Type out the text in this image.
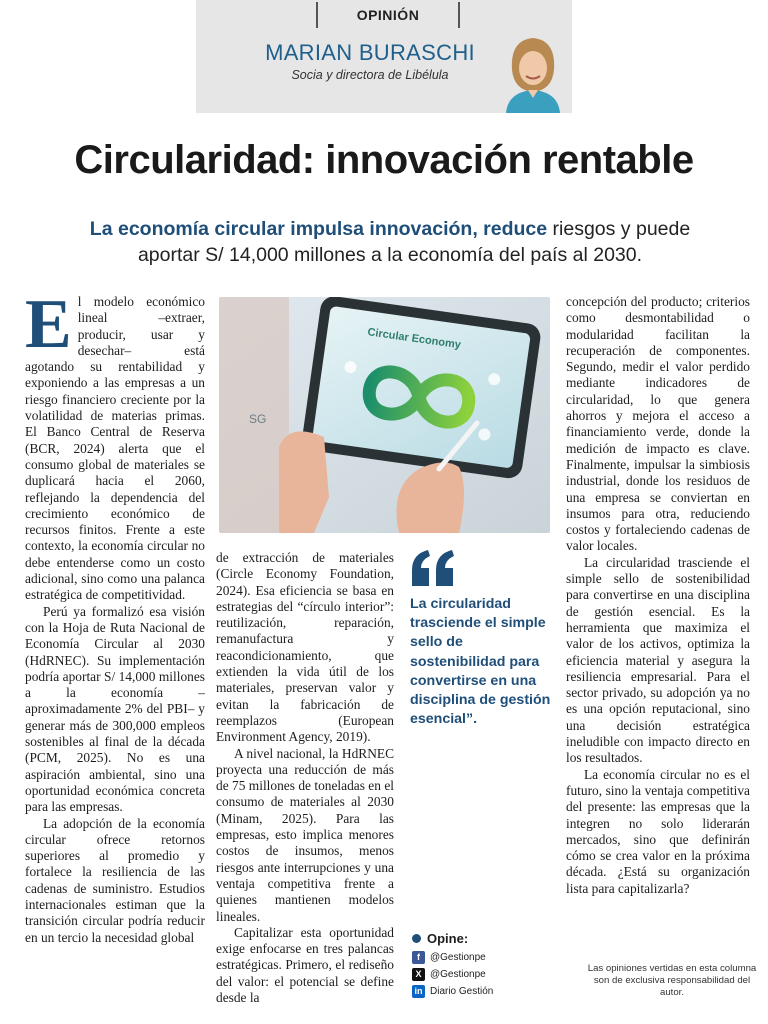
OPINIÓN
MARIAN BURASCHI
Socia y directora de Libélula
Circularidad: innovación rentable
La economía circular impulsa innovación, reduce riesgos y puede aportar S/ 14,000 millones a la economía del país al 2030.

El modelo económico lineal –extraer, producir, usar y desechar– está agotando su rentabilidad y exponiendo a las empresas a un riesgo financiero creciente por la volatilidad de materias primas. El Banco Central de Reserva (BCR, 2024) alerta que el consumo global de materiales se duplicará hacia el 2060, reflejando la dependencia del crecimiento económico de recursos finitos. Frente a este contexto, la economía circular no debe entenderse como un costo adicional, sino como una palanca estratégica de competitividad.

Perú ya formalizó esa visión con la Hoja de Ruta Nacional de Economía Circular al 2030 (HdRNEC). Su implementación podría aportar S/ 14,000 millones a la economía –aproximadamente 2% del PBI– y generar más de 300,000 empleos sostenibles al final de la década (PCM, 2025). No es una aspiración ambiental, sino una oportunidad económica concreta para las empresas.

La adopción de la economía circular ofrece retornos superiores al promedio y fortalece la resiliencia de las cadenas de suministro. Estudios internacionales estiman que la transición circular podría reducir en un tercio la necesidad global

SG
Circular Economy

de extracción de materiales (Circle Economy Foundation, 2024). Esa eficiencia se basa en estrategias del “círculo interior”: reutilización, reparación, remanufactura y reacondicionamiento, que extienden la vida útil de los materiales, preservan valor y evitan la fabricación de reemplazos (European Environment Agency, 2019).

A nivel nacional, la HdRNEC proyecta una reducción de más de 75 millones de toneladas en el consumo de materiales al 2030 (Minam, 2025). Para las empresas, esto implica menores costos de insumos, menos riesgos ante interrupciones y una ventaja competitiva frente a quienes mantienen modelos lineales.

Capitalizar esta oportunidad exige enfocarse en tres palancas estratégicas. Primero, el rediseño del valor: el potencial se define desde la

La circularidad trasciende el simple sello de sostenibilidad para convertirse en una disciplina de gestión esencial”.

concepción del producto; criterios como desmontabilidad o modularidad facilitan la recuperación de componentes. Segundo, medir el valor perdido mediante indicadores de circularidad, lo que genera ahorros y mejora el acceso a financiamiento verde, donde la medición de impacto es clave. Finalmente, impulsar la simbiosis industrial, donde los residuos de una empresa se conviertan en insumos para otra, reduciendo costos y fortaleciendo cadenas de valor locales.

La circularidad trasciende el simple sello de sostenibilidad para convertirse en una disciplina de gestión esencial. Es la herramienta que maximiza el valor de los activos, optimiza la eficiencia material y asegura la resiliencia empresarial. Para el sector privado, su adopción ya no es una opción reputacional, sino una decisión estratégica ineludible con impacto directo en los resultados.

La economía circular no es el futuro, sino la ventaja competitiva del presente: las empresas que la integren no solo liderarán mercados, sino que definirán cómo se crea valor en la próxima década. ¿Está su organización lista para capitalizarla?

Opine:
f @Gestionpe
X @Gestionpe
in Diario Gestión
Las opiniones vertidas en esta columna son de exclusiva responsabilidad del autor.
